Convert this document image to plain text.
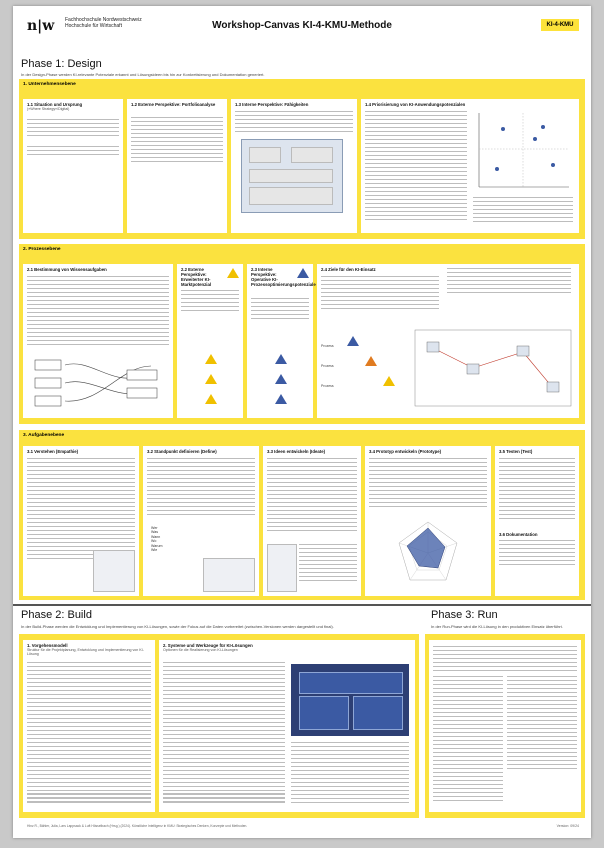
n|w Fachhochschule Nordwestschweiz
Hochschule für Wirtschaft	Workshop-Canvas KI-4-KMU-Methode	KI-4-KMU
Phase 1: Design
In der Design-Phase werden KI-relevante Potenziale erkannt und Lösungsideen bis hin zur Konkretisierung und Dokumentation generiert.
1. Unternehmensebene
1.1 Situation und Ursprung
(»Where Strategy«/Digital)
1.2 Externe Perspektive: Portfolioanalyse	1.3 Interne Perspektive: Fähigkeiten	1.4 Priorisierung von KI-Anwendungspotenzialen
2. Prozessebene
2.1 Bestimmung von Wissensaufgaben	2.2 Externe Perspektive: Erweiterter KI-Marktpotenzial
2.3 Interne Perspektive: Operative KI-Prozessoptimierungspotenziale
2.4 Ziele für den KI-Einsatz
Prozess
Prozess
Prozess
3. Aufgabenebene
3.1 Verstehen (Empathie)	3.2 Standpunkt definieren (Define)
Wer
Was
Wann
Wo
Warum
Wie
3.3 Ideen entwickeln (Ideate)	3.4 Prototyp entwickeln (Prototype)	3.5 Testen (Test)
3.6 Dokumentation
Phase 2: Build
In der Build-Phase werden die Entwicklung und Implementierung von KI-Lösungen, sowie der Fokus auf die Daten vorbereitet (zwischen-Versionen werden dargestellt und final).
1. Vorgehensmodell
Struktur für die Projektplanung, Entwicklung und Implementierung von KI-Lösung
2. Systeme und Werkzeuge für KI-Lösungen
Optionen für die Realisierung von KI-Lösungen
Phase 3: Run
In der Run-Phase wird die KI-Lösung in den produktiven Einsatz überführt.
Hinz R., Bähler, Julia, Lars Lappsack & Luft Hösselbach (Hrsg.) (2024). Künstliche Intelligenz in KMU: Strategisches Denken, Konzepte und Methoden.	Version: 09/24
